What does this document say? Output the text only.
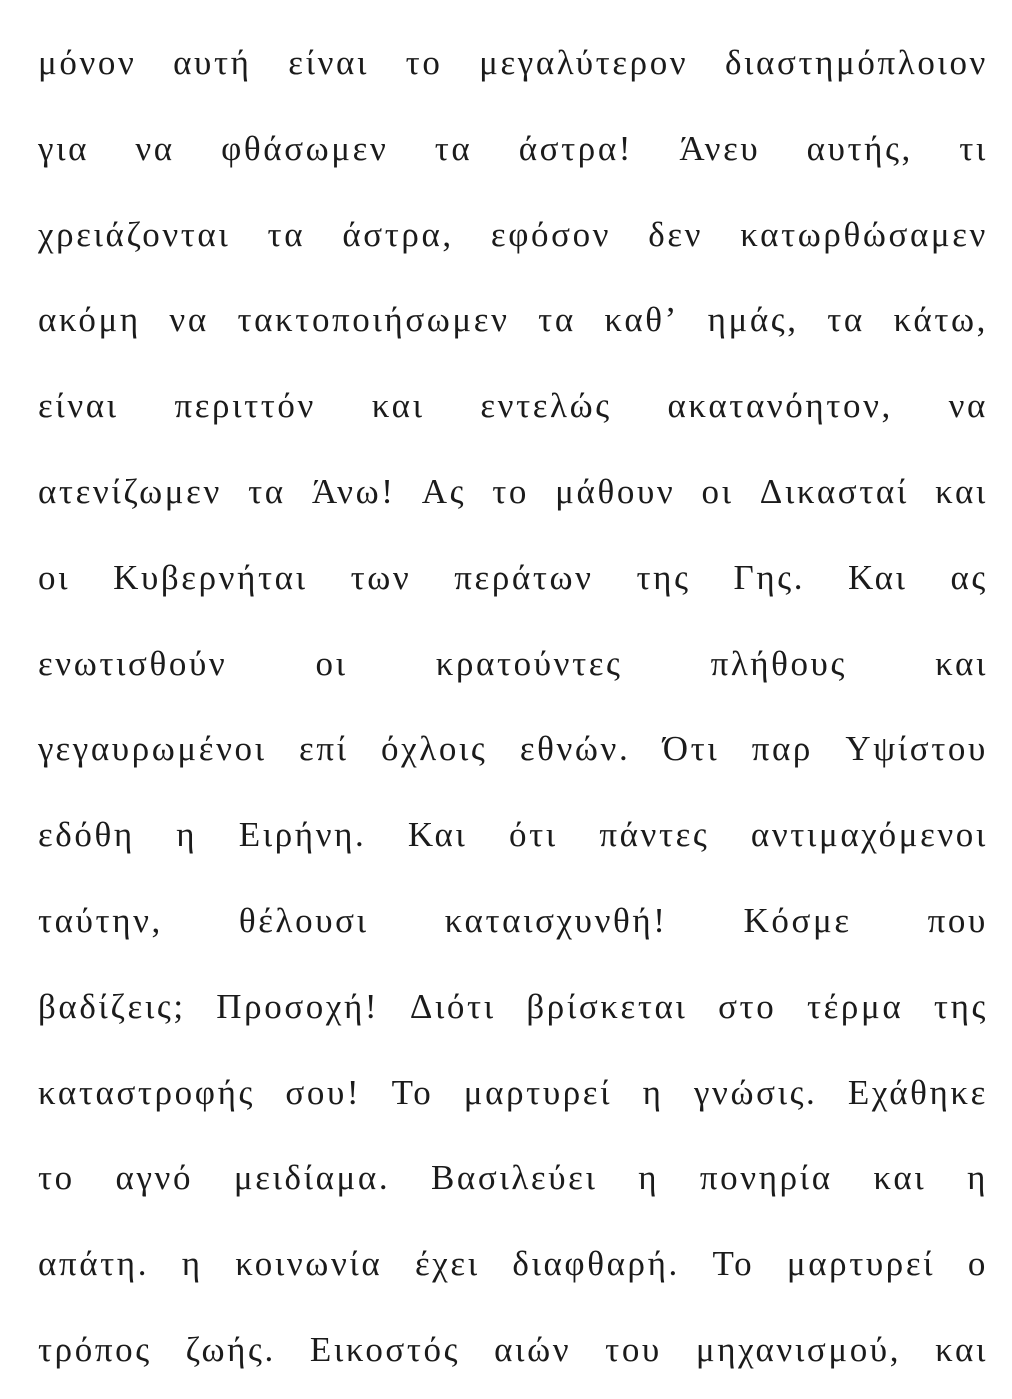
μόνον αυτή είναι το μεγαλύτερον διαστημόπλοιον
για να φθάσωμεν τα άστρα! Άνευ αυτής, τι
χρειάζονται τα άστρα, εφόσον δεν κατωρθώσαμεν
ακόμη να τακτοποιήσωμεν τα καθ’ ημάς, τα κάτω,
είναι περιττόν και εντελώς ακατανόητον, να
ατενίζωμεν τα Άνω! Ας το μάθουν οι Δικασταί και
οι Κυβερνήται των περάτων της Γης. Και ας
ενωτισθούν	οι	κρατούντες	πλήθους	και
γεγαυρωμένοι επί όχλοις εθνών. Ότι παρ Υψίστου
εδόθη η Ειρήνη. Και ότι πάντες αντιμαχόμενοι
ταύτην, θέλουσι καταισχυνθή! Κόσμε που
βαδίζεις; Προσοχή! Διότι βρίσκεται στο τέρμα της
καταστροφής σου! Το μαρτυρεί η γνώσις. Εχάθηκε
το αγνό μειδίαμα. Βασιλεύει η πονηρία και η
απάτη. η κοινωνία έχει διαφθαρή. Το μαρτυρεί ο
τρόπος ζωής. Εικοστός αιών του μηχανισμού, και
